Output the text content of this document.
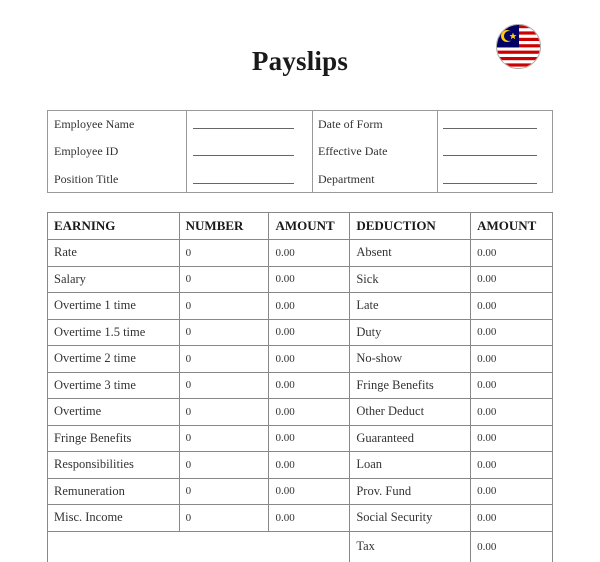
Payslips
Employee Name
Employee ID
Position Title
Date of Form
Effective Date
Department
EARNING	NUMBER	AMOUNT	DEDUCTION	AMOUNT
Rate	0	0.00	Absent	0.00
Salary	0	0.00	Sick	0.00
Overtime 1 time	0	0.00	Late	0.00
Overtime 1.5 time	0	0.00	Duty	0.00
Overtime 2 time	0	0.00	No-show	0.00
Overtime 3 time	0	0.00	Fringe Benefits	0.00
Overtime	0	0.00	Other Deduct	0.00
Fringe Benefits	0	0.00	Guaranteed	0.00
Responsibilities	0	0.00	Loan	0.00
Remuneration	0	0.00	Prov. Fund	0.00
Misc. Income	0	0.00	Social Security	0.00
			Tax	0.00
